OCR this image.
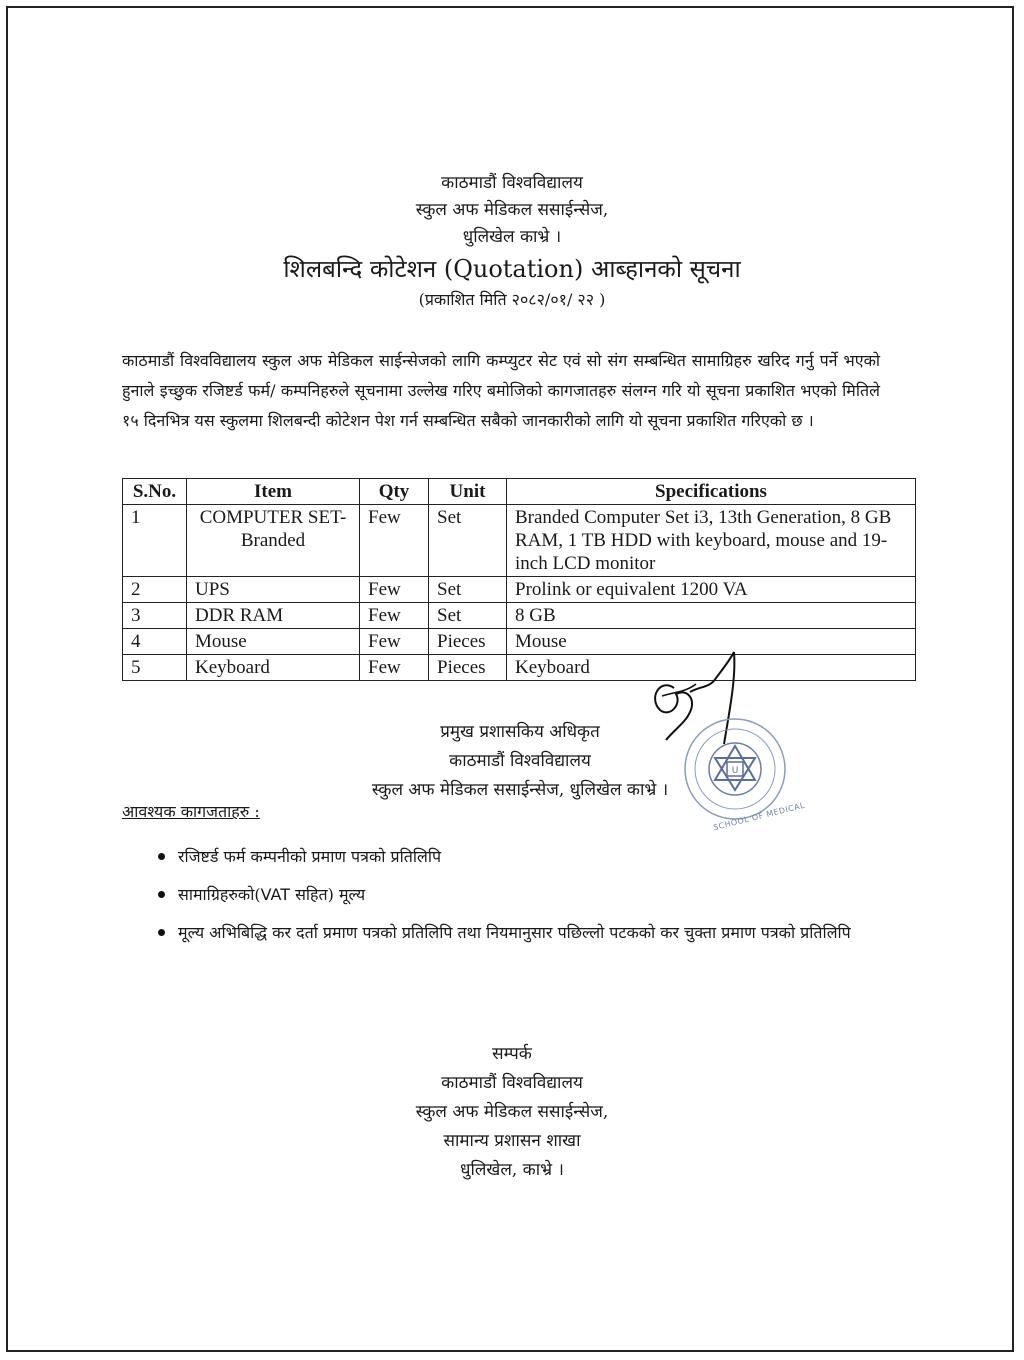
काठमाडौं विश्वविद्यालय
स्कुल अफ मेडिकल ससाईन्सेज,
धुलिखेल काभ्रे ।
शिलबन्दि कोटेशन (Quotation) आब्हानको सूचना
(प्रकाशित मिति २०८२/०१/ २२ )

काठमाडौं विश्वविद्यालय स्कुल अफ मेडिकल साईन्सेजको लागि कम्प्युटर सेट एवं सो संग सम्बन्धित सामाग्रिहरु खरिद गर्नु पर्ने भएको हुनाले इच्छुक रजिष्टर्ड फर्म/ कम्पनिहरुले सूचनामा उल्लेख गरिए बमोजिको कागजातहरु संलग्न गरि यो सूचना प्रकाशित भएको मितिले १५ दिनभित्र यस स्कुलमा शिलबन्दी कोटेशन पेश गर्न सम्बन्धित सबैको जानकारीको लागि यो सूचना प्रकाशित गरिएको छ ।

S.No.	Item	Qty	Unit	Specifications
1	COMPUTER SET- Branded	Few	Set	Branded Computer Set i3, 13th Generation, 8 GB RAM, 1 TB HDD with keyboard, mouse and 19-inch LCD monitor
2	UPS	Few	Set	Prolink or equivalent 1200 VA
3	DDR RAM	Few	Set	8 GB
4	Mouse	Few	Pieces	Mouse
5	Keyboard	Few	Pieces	Keyboard
U
SCHOOL OF MEDICAL
प्रमुख प्रशासकिय अधिकृत
काठमाडौं विश्वविद्यालय
स्कुल अफ मेडिकल ससाईन्सेज, धुलिखेल काभ्रे ।

आवश्यक कागजताहरु :

रजिष्टर्ड फर्म कम्पनीको प्रमाण पत्रको प्रतिलिपि
सामाग्रिहरुको(VAT सहित) मूल्य
मूल्य अभिबिद्धि कर दर्ता प्रमाण पत्रको प्रतिलिपि तथा नियमानुसार पछिल्लो पटकको कर चुक्ता प्रमाण पत्रको प्रतिलिपि
सम्पर्क
काठमाडौं विश्वविद्यालय
स्कुल अफ मेडिकल ससाईन्सेज,
सामान्य प्रशासन शाखा
धुलिखेल, काभ्रे ।
